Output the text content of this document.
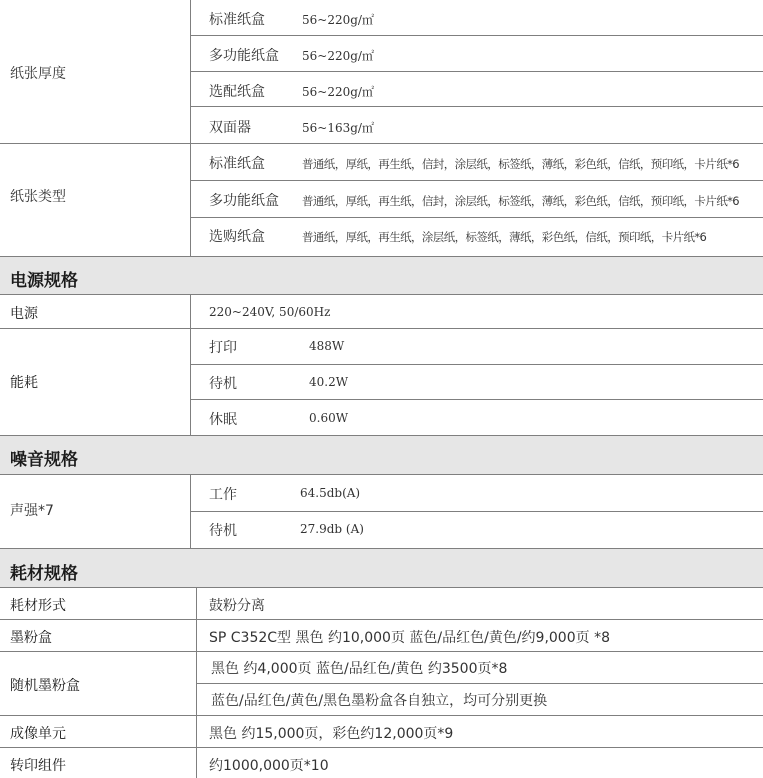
纸张厚度
标准纸盒	56~220g/㎡
多功能纸盒 56~220g/㎡
选配纸盒	56~220g/㎡
双面器	56~163g/㎡
纸张类型
标准纸盒	普通纸，厚纸，再生纸，信封，涂层纸，标签纸，薄纸，彩色纸，信纸，预印纸，卡片纸*6
多功能纸盒 普通纸，厚纸，再生纸，信封，涂层纸，标签纸，薄纸，彩色纸，信纸，预印纸，卡片纸*6
选购纸盒	普通纸，厚纸，再生纸，涂层纸，标签纸，薄纸，彩色纸，信纸，预印纸，卡片纸*6
电源规格
电源	220~240V, 50/60Hz
能耗
打印	488W
待机	40.2W
休眠	0.60W
噪音规格
声强*7
工作	64.5db(A)
待机	27.9db (A)
耗材规格
耗材形式	鼓粉分离
墨粉盒	SP C352C型 黑色 约10,000页 蓝色/品红色/黄色/约9,000页 *8
随机墨粉盒
黑色 约4,000页 蓝色/品红色/黄色 约3500页*8
蓝色/品红色/黄色/黑色墨粉盒各自独立，均可分别更换
成像单元	黑色 约15,000页，彩色约12,000页*9
转印组件	约1000,000页*10
